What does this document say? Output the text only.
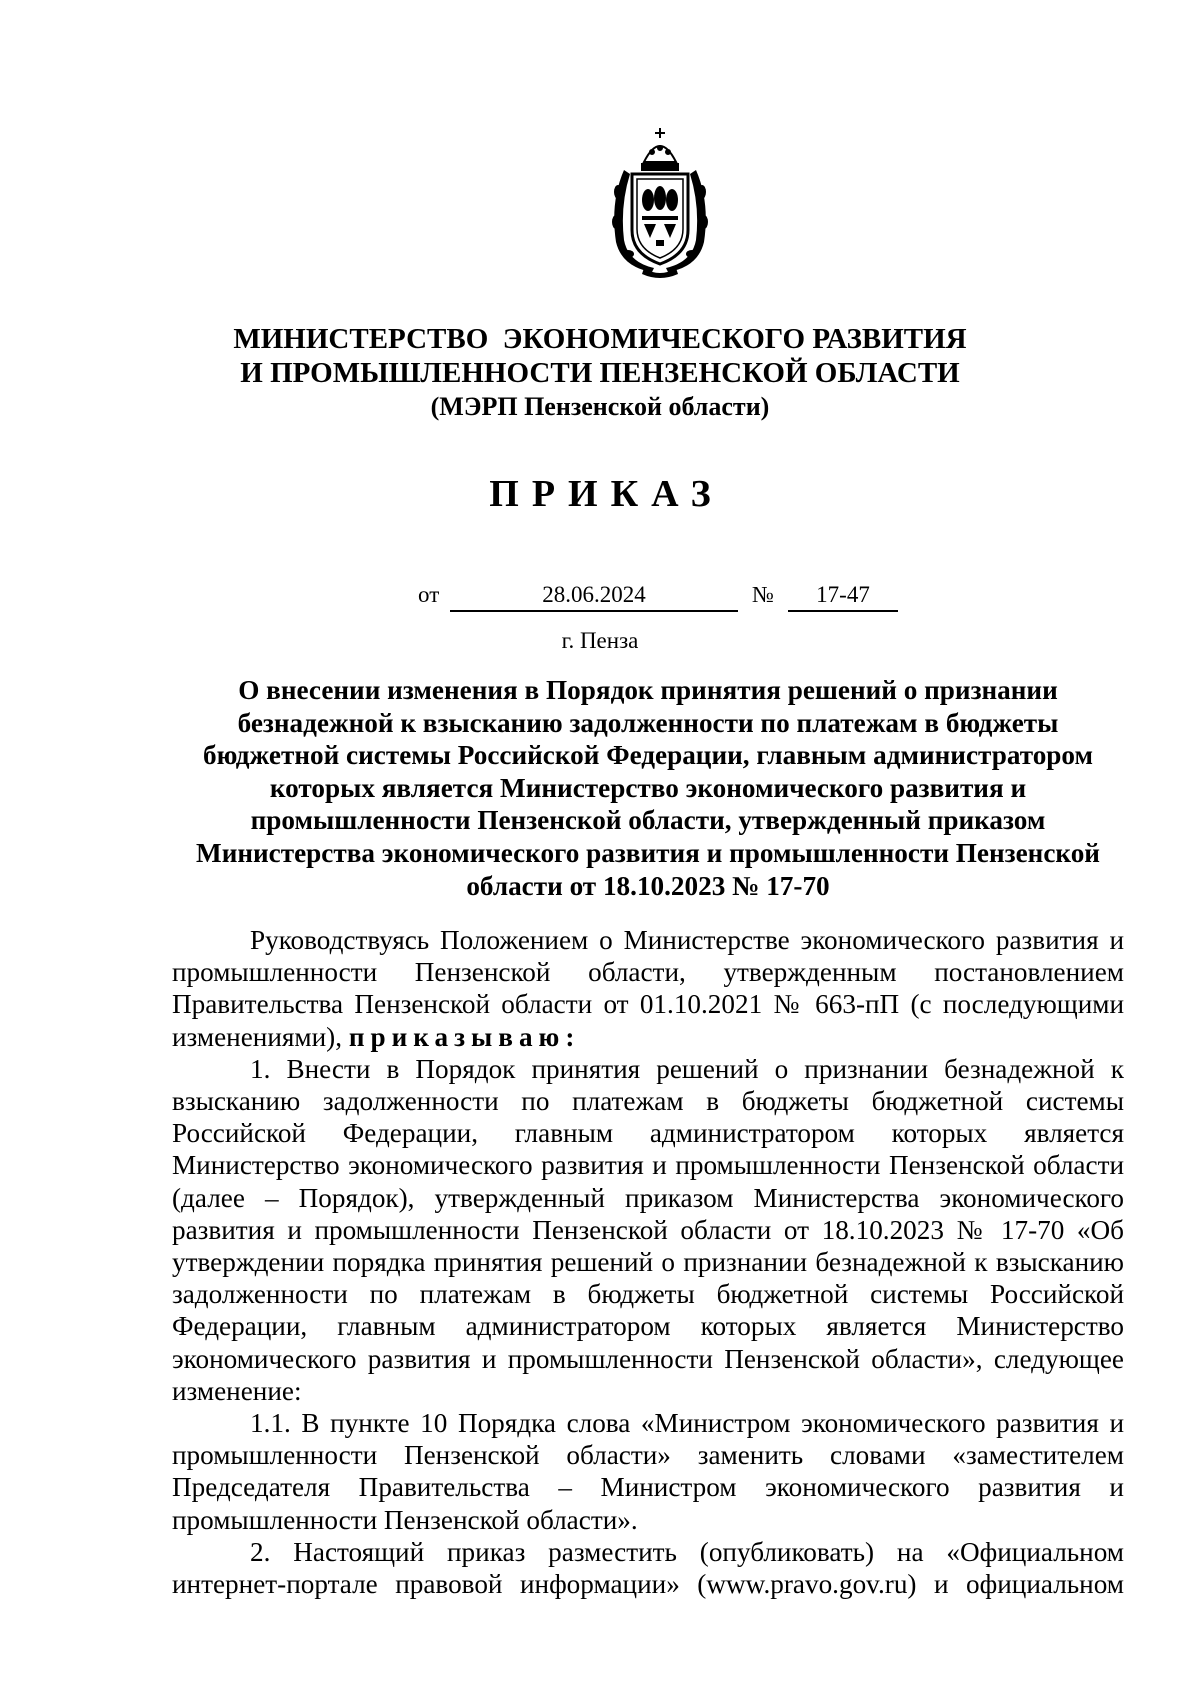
МИНИСТЕРСТВО  ЭКОНОМИЧЕСКОГО РАЗВИТИЯ
И ПРОМЫШЛЕННОСТИ ПЕНЗЕНСКОЙ ОБЛАСТИ
(МЭРП Пензенской области)
ПРИКАЗ
от	28.06.2024	№	17-47
г. Пенза
О внесении изменения в Порядок принятия решений о признании
безнадежной к взысканию задолженности по платежам в бюджеты
бюджетной системы Российской Федерации, главным администратором
которых является Министерство экономического развития и
промышленности Пензенской области, утвержденный приказом
Министерства экономического развития и промышленности Пензенской
области от 18.10.2023 № 17-70

Руководствуясь Положением о Министерстве экономического развития и промышленности Пензенской области, утвержденным постановлением Правительства Пензенской области от 01.10.2021 № 663-пП (с последующими изменениями), приказываю:

1. Внести в Порядок принятия решений о признании безнадежной к взысканию задолженности по платежам в бюджеты бюджетной системы Российской Федерации, главным администратором которых является Министерство экономического развития и промышленности Пензенской области (далее – Порядок), утвержденный приказом Министерства экономического развития и промышленности Пензенской области от 18.10.2023 № 17-70 «Об утверждении порядка принятия решений о признании безнадежной к взысканию задолженности по платежам в бюджеты бюджетной системы Российской Федерации, главным администратором которых является Министерство экономического развития и промышленности Пензенской области», следующее изменение:

1.1. В пункте 10 Порядка слова «Министром экономического развития и промышленности Пензенской области» заменить словами «заместителем Председателя Правительства – Министром экономического развития и промышленности Пензенской области».

2. Настоящий приказ разместить (опубликовать) на «Официальном интернет-портале правовой информации» (www.pravo.gov.ru) и официальном
